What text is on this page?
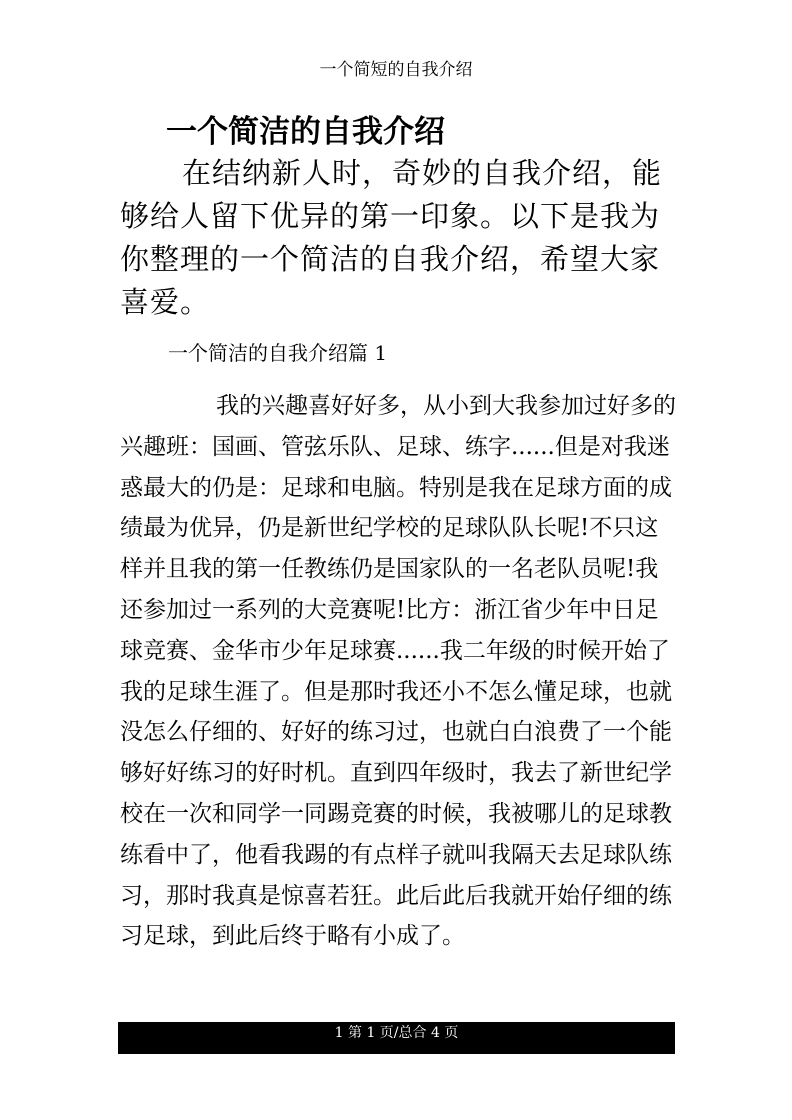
一个简短的自我介绍
一个简洁的自我介绍

在结纳新人时，奇妙的自我介绍，能够给人留下优异的第一印象。以下是我为你整理的一个简洁的自我介绍，希望大家喜爱。

一个简洁的自我介绍篇 1

我的兴趣喜好好多，从小到大我参加过好多的兴趣班：国画、管弦乐队、足球、练字......但是对我迷惑最大的仍是：足球和电脑。特别是我在足球方面的成绩最为优异，仍是新世纪学校的足球队队长呢!不只这样并且我的第一任教练仍是国家队的一名老队员呢!我还参加过一系列的大竞赛呢!比方：浙江省少年中日足球竞赛、金华市少年足球赛......我二年级的时候开始了我的足球生涯了。但是那时我还小不怎么懂足球，也就没怎么仔细的、好好的练习过，也就白白浪费了一个能够好好练习的好时机。直到四年级时，我去了新世纪学校在一次和同学一同踢竞赛的时候，我被哪儿的足球教练看中了，他看我踢的有点样子就叫我隔天去足球队练习，那时我真是惊喜若狂。此后此后我就开始仔细的练习足球，到此后终于略有小成了。

1 第 1 页/总合 4 页
